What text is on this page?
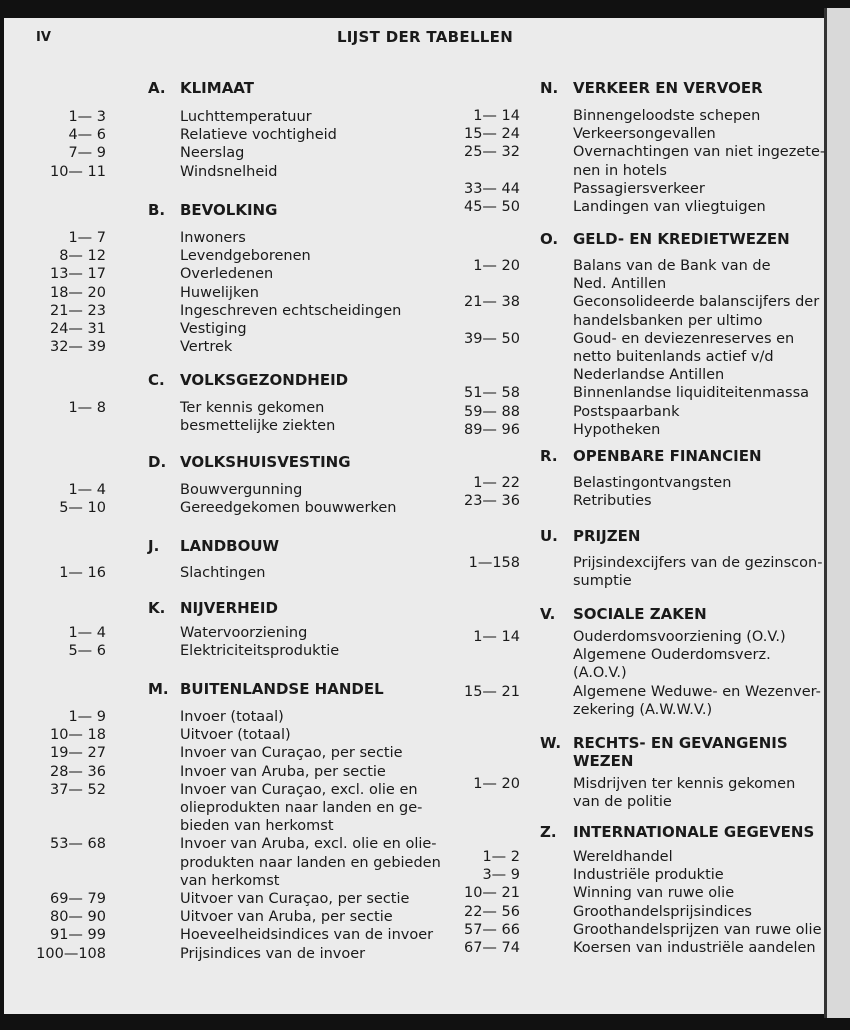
IV	LIJST DER TABELLEN
A. KLIMAAT
1— 3	Luchttemperatuur
4— 6	Relatieve vochtigheid
7— 9	Neerslag
10— 11	Windsnelheid
B. BEVOLKING
1— 7	Inwoners
8— 12	Levendgeborenen
13— 17	Overledenen
18— 20	Huwelijken
21— 23	Ingeschreven echtscheidingen
24— 31	Vestiging
32— 39	Vertrek
C. VOLKSGEZONDHEID
1— 8	Ter kennis gekomen
besmettelijke ziekten
D. VOLKSHUISVESTING
1— 4	Bouwvergunning
5— 10	Gereedgekomen bouwwerken
J. LANDBOUW
1— 16	Slachtingen
K. NIJVERHEID
1— 4	Watervoorziening
5— 6	Elektriciteitsproduktie
M. BUITENLANDSE HANDEL
1— 9	Invoer (totaal)
10— 18	Uitvoer (totaal)
19— 27	Invoer van Curaçao, per sectie
28— 36	Invoer van Aruba, per sectie
37— 52	Invoer van Curaçao, excl. olie en
olieprodukten naar landen en ge-
bieden van herkomst
53— 68	Invoer van Aruba, excl. olie en olie-
produkten naar landen en gebieden
van herkomst
69— 79	Uitvoer van Curaçao, per sectie
80— 90	Uitvoer van Aruba, per sectie
91— 99	Hoeveelheidsindices van de invoer
100—108	Prijsindices van de invoer
N. VERKEER EN VERVOER
1— 14	Binnengeloodste schepen
15— 24	Verkeersongevallen
25— 32	Overnachtingen van niet ingezete-
nen in hotels
33— 44	Passagiersverkeer
45— 50	Landingen van vliegtuigen
O. GELD- EN KREDIETWEZEN
1— 20	Balans van de Bank van de
Ned. Antillen
21— 38	Geconsolideerde balanscijfers der
handelsbanken per ultimo
39— 50	Goud- en deviezenreserves en
netto buitenlands actief v/d
Nederlandse Antillen
51— 58	Binnenlandse liquiditeitenmassa
59— 88	Postspaarbank
89— 96	Hypotheken
R. OPENBARE FINANCIEN
1— 22	Belastingontvangsten
23— 36	Retributies
U. PRIJZEN
1—158	Prijsindexcijfers van de gezinscon-
sumptie
V. SOCIALE ZAKEN
1— 14	Ouderdomsvoorziening (O.V.)
Algemene Ouderdomsverz.
(A.O.V.)
15— 21	Algemene Weduwe- en Wezenver-
zekering (A.W.W.V.)
W. RECHTS- EN GEVANGENIS
WEZEN
1— 20	Misdrijven ter kennis gekomen
van de politie
Z. INTERNATIONALE GEGEVENS
1— 2	Wereldhandel
3— 9	Industriële produktie
10— 21	Winning van ruwe olie
22— 56	Groothandelsprijsindices
57— 66	Groothandelsprijzen van ruwe olie
67— 74	Koersen van industriële aandelen
